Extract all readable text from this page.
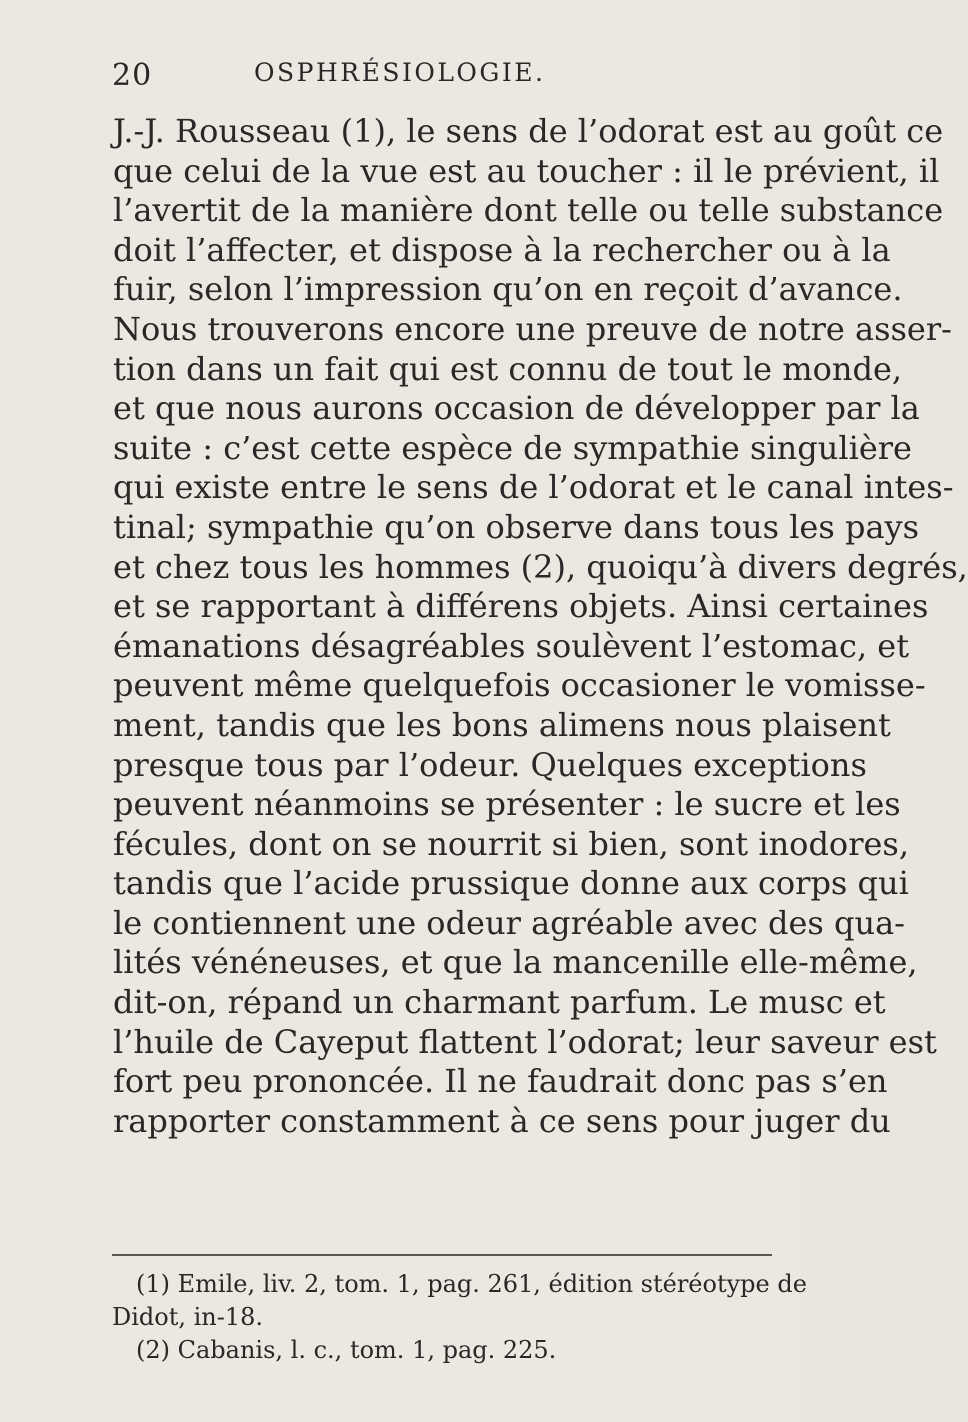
20	OSPHRÉSIOLOGIE.
J.-J. Rousseau (1), le sens de l’odorat est au goût ce
que celui de la vue est au toucher : il le prévient, il
l’avertit de la manière dont telle ou telle substance
doit l’affecter, et dispose à la rechercher ou à la
fuir, selon l’impression qu’on en reçoit d’avance.
Nous trouverons encore une preuve de notre asser-
tion dans un fait qui est connu de tout le monde,
et que nous aurons occasion de développer par la
suite : c’est cette espèce de sympathie singulière
qui existe entre le sens de l’odorat et le canal intes-
tinal; sympathie qu’on observe dans tous les pays
et chez tous les hommes (2), quoiqu’à divers degrés,
et se rapportant à différens objets. Ainsi certaines
émanations désagréables soulèvent l’estomac, et
peuvent même quelquefois occasioner le vomisse-
ment, tandis que les bons alimens nous plaisent
presque tous par l’odeur. Quelques exceptions
peuvent néanmoins se présenter : le sucre et les
fécules, dont on se nourrit si bien, sont inodores,
tandis que l’acide prussique donne aux corps qui
le contiennent une odeur agréable avec des qua-
lités vénéneuses, et que la mancenille elle-même,
dit-on, répand un charmant parfum. Le musc et
l’huile de Cayeput flattent l’odorat; leur saveur est
fort peu prononcée. Il ne faudrait donc pas s’en
rapporter constamment à ce sens pour juger du
(1) Emile, liv. 2, tom. 1, pag. 261, édition stéréotype de
Didot, in-18.
(2) Cabanis, l. c., tom. 1, pag. 225.
